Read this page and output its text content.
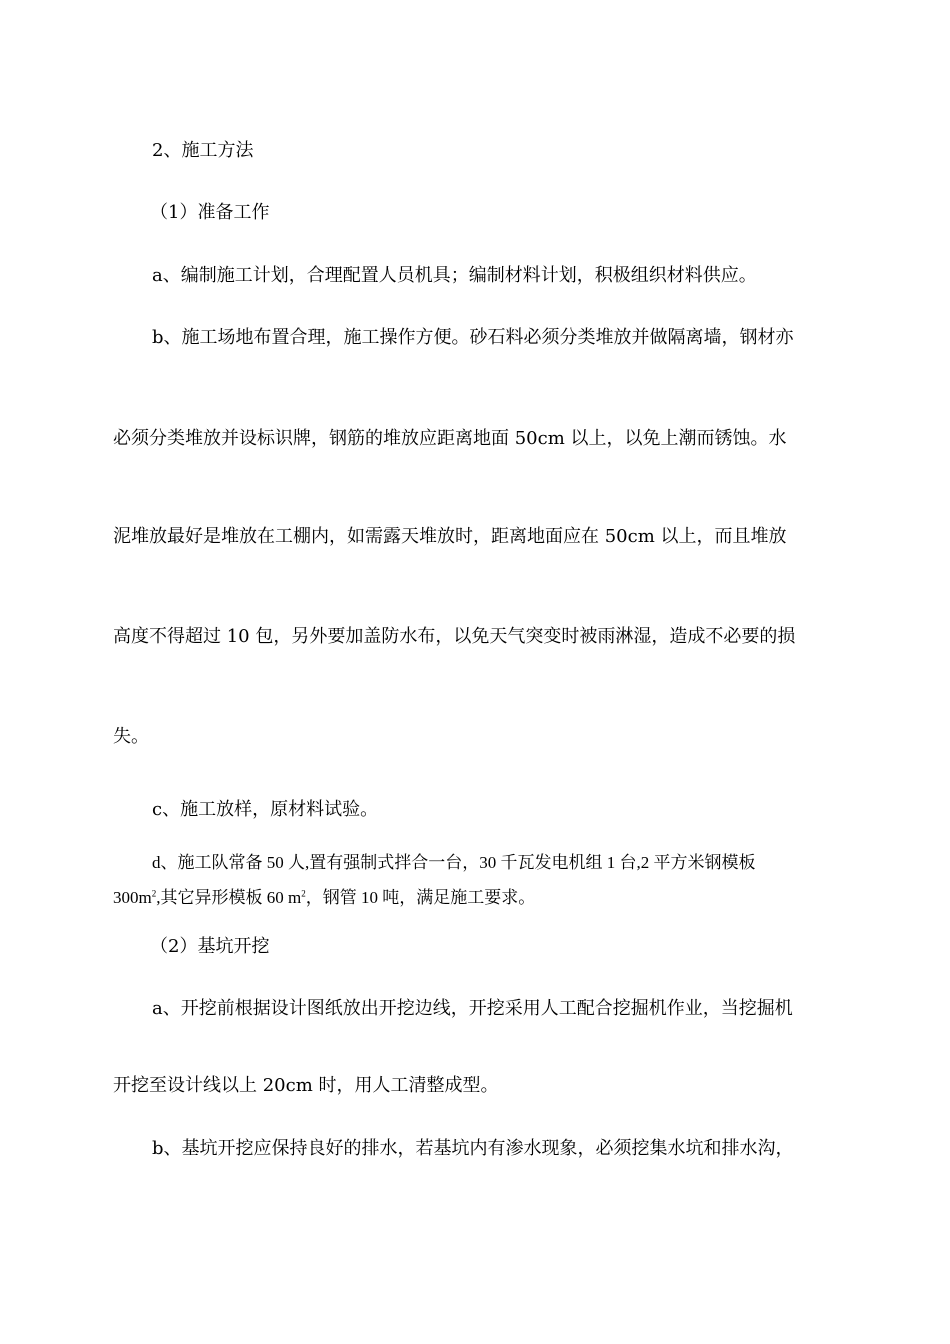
2、施工方法
（1）准备工作
a、编制施工计划，合理配置人员机具；编制材料计划，积极组织材料供应。
b、施工场地布置合理，施工操作方便。砂石料必须分类堆放并做隔离墙，钢材亦
必须分类堆放并设标识牌，钢筋的堆放应距离地面 50cm 以上，以免上潮而锈蚀。水
泥堆放最好是堆放在工棚内，如需露天堆放时，距离地面应在 50cm 以上，而且堆放
高度不得超过 10 包，另外要加盖防水布，以免天气突变时被雨淋湿，造成不必要的损
失。
c、施工放样，原材料试验。
d、施工队常备 50 人,置有强制式拌合一台，30 千瓦发电机组 1 台,2 平方米钢模板
$300m^2$,其它异形模板 60 $m^2$，钢管 10 吨，满足施工要求。
（2）基坑开挖
a、开挖前根据设计图纸放出开挖边线，开挖采用人工配合挖掘机作业，当挖掘机
开挖至设计线以上 20cm 时，用人工清整成型。
b、基坑开挖应保持良好的排水，若基坑内有渗水现象，必须挖集水坑和排水沟，
